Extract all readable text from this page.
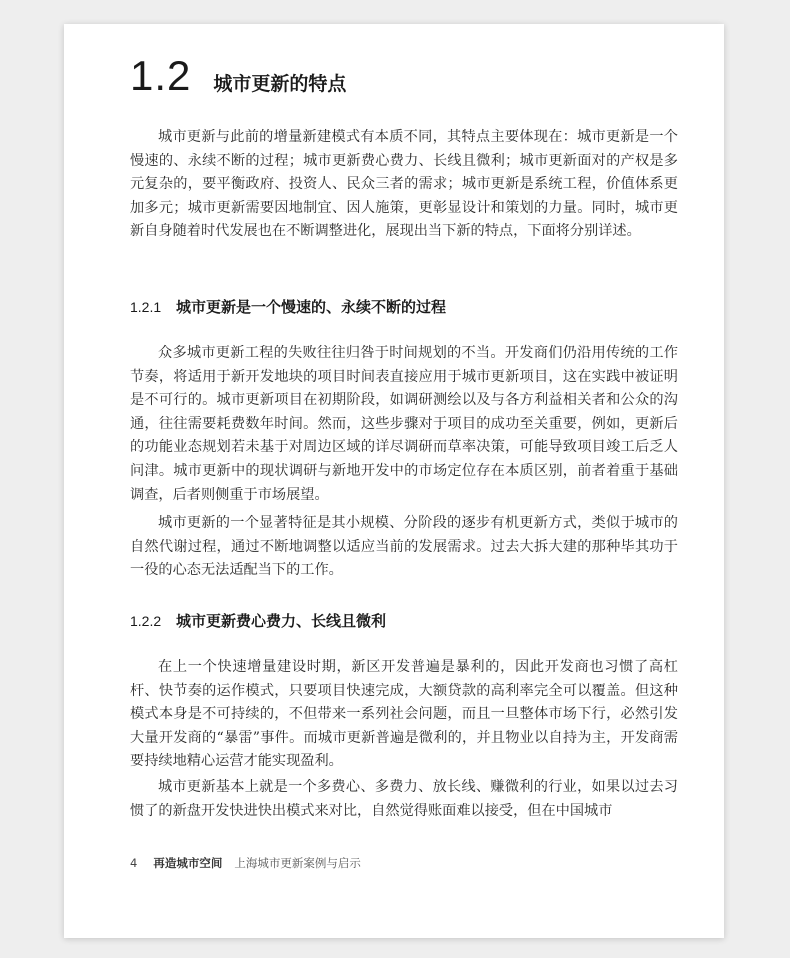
1.2 城市更新的特点

城市更新与此前的增量新建模式有本质不同，其特点主要体现在：城市更新是一个慢速的、永续不断的过程；城市更新费心费力、长线且微利；城市更新面对的产权是多元复杂的，要平衡政府、投资人、民众三者的需求；城市更新是系统工程，价值体系更加多元；城市更新需要因地制宜、因人施策，更彰显设计和策划的力量。同时，城市更新自身随着时代发展也在不断调整进化，展现出当下新的特点，下面将分别详述。

1.2.1 城市更新是一个慢速的、永续不断的过程

众多城市更新工程的失败往往归咎于时间规划的不当。开发商们仍沿用传统的工作节奏，将适用于新开发地块的项目时间表直接应用于城市更新项目，这在实践中被证明是不可行的。城市更新项目在初期阶段，如调研测绘以及与各方利益相关者和公众的沟通，往往需要耗费数年时间。然而，这些步骤对于项目的成功至关重要，例如，更新后的功能业态规划若未基于对周边区域的详尽调研而草率决策，可能导致项目竣工后乏人问津。城市更新中的现状调研与新地开发中的市场定位存在本质区别，前者着重于基础调查，后者则侧重于市场展望。

城市更新的一个显著特征是其小规模、分阶段的逐步有机更新方式，类似于城市的自然代谢过程，通过不断地调整以适应当前的发展需求。过去大拆大建的那种毕其功于一役的心态无法适配当下的工作。

1.2.2 城市更新费心费力、长线且微利

在上一个快速增量建设时期，新区开发普遍是暴利的，因此开发商也习惯了高杠杆、快节奏的运作模式，只要项目快速完成，大额贷款的高利率完全可以覆盖。但这种模式本身是不可持续的，不但带来一系列社会问题，而且一旦整体市场下行，必然引发大量开发商的“暴雷”事件。而城市更新普遍是微利的，并且物业以自持为主，开发商需要持续地精心运营才能实现盈利。

城市更新基本上就是一个多费心、多费力、放长线、赚微利的行业，如果以过去习惯了的新盘开发快进快出模式来对比，自然觉得账面难以接受，但在中国城市

4 再造城市空间 上海城市更新案例与启示
